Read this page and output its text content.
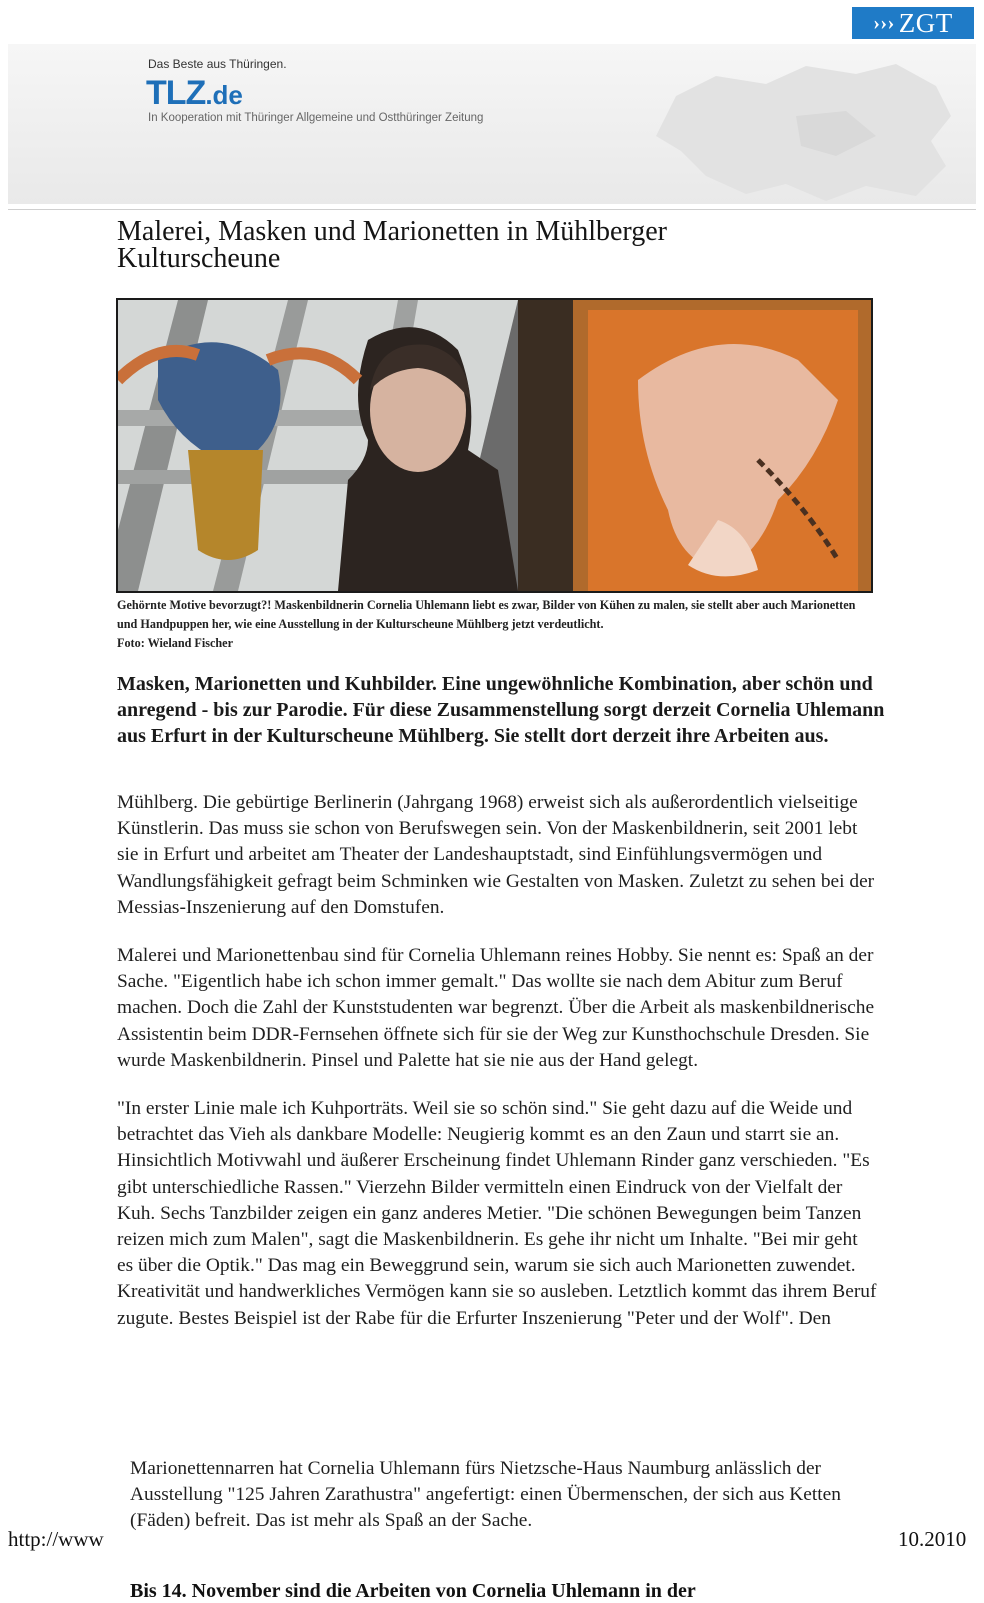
››› ZGT
Das Beste aus Thüringen.
TLZ.de
In Kooperation mit Thüringer Allgemeine und Ostthüringer Zeitung
Malerei, Masken und Marionetten in Mühlberger Kulturscheune
Gehörnte Motive bevorzugt?! Maskenbildnerin Cornelia Uhlemann liebt es zwar, Bilder von Kühen zu malen, sie stellt aber auch Marionetten und Handpuppen her, wie eine Ausstellung in der Kulturscheune Mühlberg jetzt verdeutlicht.
Foto: Wieland Fischer
Masken, Marionetten und Kuhbilder. Eine ungewöhnliche Kombination, aber schön und anregend - bis zur Parodie. Für diese Zusammenstellung sorgt derzeit Cornelia Uhlemann aus Erfurt in der Kulturscheune Mühlberg. Sie stellt dort derzeit ihre Arbeiten aus.

Mühlberg. Die gebürtige Berlinerin (Jahrgang 1968) erweist sich als außerordentlich vielseitige Künstlerin. Das muss sie schon von Berufswegen sein. Von der Maskenbildnerin, seit 2001 lebt sie in Erfurt und arbeitet am Theater der Landeshauptstadt, sind Einfühlungsvermögen und Wandlungsfähigkeit gefragt beim Schminken wie Gestalten von Masken. Zuletzt zu sehen bei der Messias-Inszenierung auf den Domstufen.

Malerei und Marionettenbau sind für Cornelia Uhlemann reines Hobby. Sie nennt es: Spaß an der Sache. "Eigentlich habe ich schon immer gemalt." Das wollte sie nach dem Abitur zum Beruf machen. Doch die Zahl der Kunststudenten war begrenzt. Über die Arbeit als maskenbildnerische Assistentin beim DDR-Fernsehen öffnete sich für sie der Weg zur Kunsthochschule Dresden. Sie wurde Maskenbildnerin. Pinsel und Palette hat sie nie aus der Hand gelegt.

"In erster Linie male ich Kuhporträts. Weil sie so schön sind." Sie geht dazu auf die Weide und betrachtet das Vieh als dankbare Modelle: Neugierig kommt es an den Zaun und starrt sie an. Hinsichtlich Motivwahl und äußerer Erscheinung findet Uhlemann Rinder ganz verschieden. "Es gibt unterschiedliche Rassen." Vierzehn Bilder vermitteln einen Eindruck von der Vielfalt der Kuh. Sechs Tanzbilder zeigen ein ganz anderes Metier. "Die schönen Bewegungen beim Tanzen reizen mich zum Malen", sagt die Maskenbildnerin. Es gehe ihr nicht um Inhalte. "Bei mir geht es über die Optik." Das mag ein Beweggrund sein, warum sie sich auch Marionetten zuwendet. Kreativität und handwerkliches Vermögen kann sie so ausleben. Letztlich kommt das ihrem Beruf zugute. Bestes Beispiel ist der Rabe für die Erfurter Inszenierung "Peter und der Wolf". Den

Marionettennarren hat Cornelia Uhlemann fürs Nietzsche-Haus Naumburg anlässlich der Ausstellung "125 Jahren Zarathustra" angefertigt: einen Übermenschen, der sich aus Ketten (Fäden) befreit. Das ist mehr als Spaß an der Sache.
http://www	10.2010
Bis 14. November sind die Arbeiten von Cornelia Uhlemann in der
